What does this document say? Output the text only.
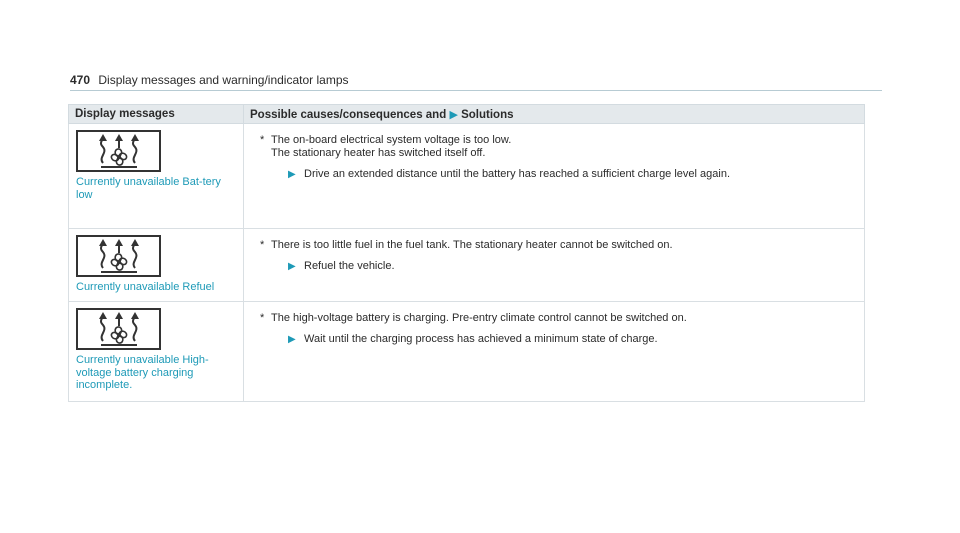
470 Display messages and warning/indicator lamps
Display messages	Possible causes/consequences and ▶ Solutions

Currently unavailable Bat-tery low	* The on-board electrical system voltage is too low.
The stationary heater has switched itself off.
▶ Drive an extended distance until the battery has reached a sufficient charge level again.

Currently unavailable Refuel	* There is too little fuel in the fuel tank. The stationary heater cannot be switched on.
▶ Refuel the vehicle.

Currently unavailable High-voltage battery charging incomplete.	* The high-voltage battery is charging. Pre-entry climate control cannot be switched on.
▶ Wait until the charging process has achieved a minimum state of charge.
